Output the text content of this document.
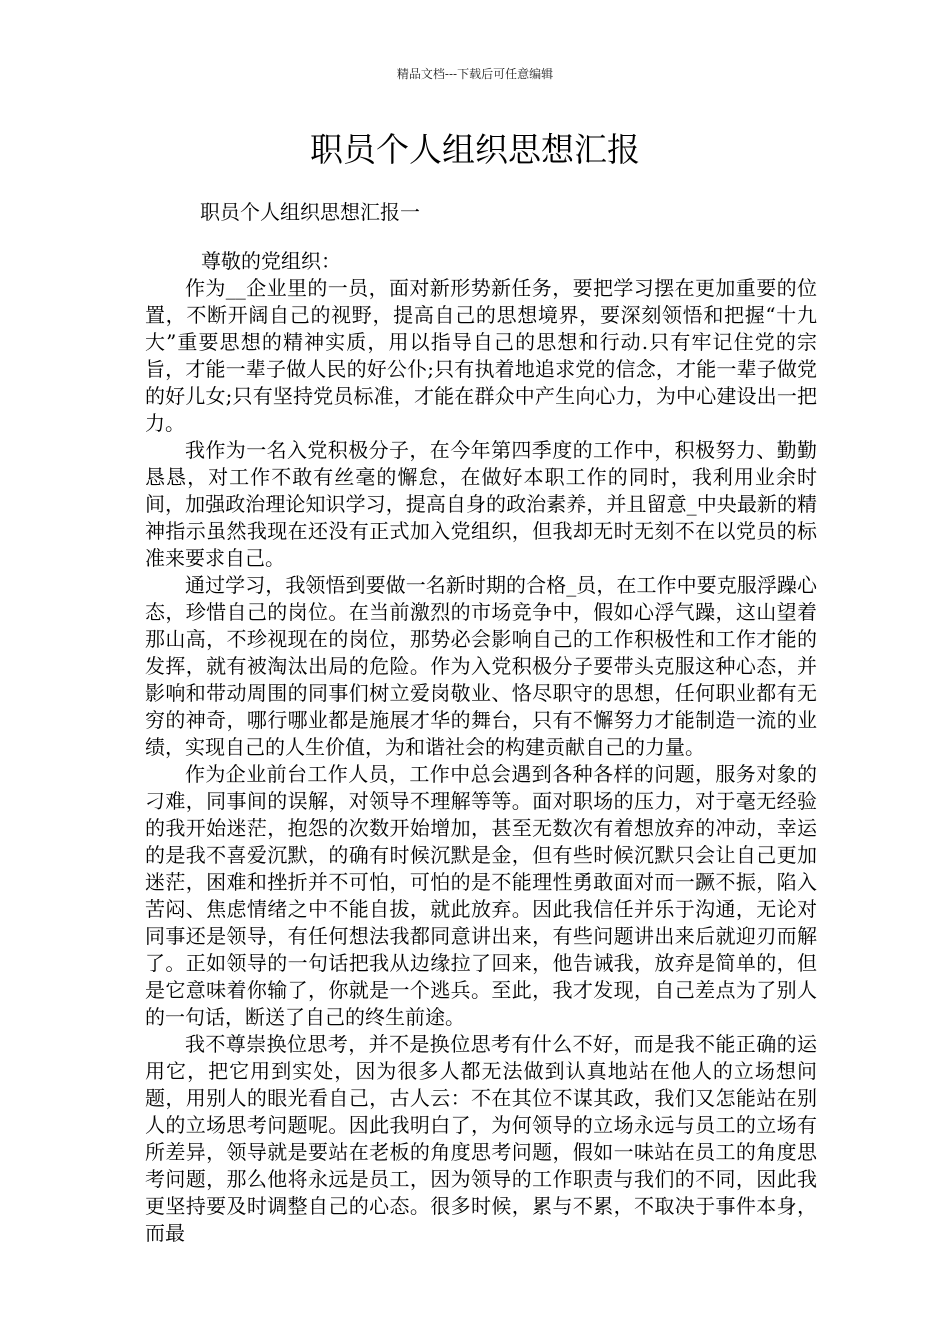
精品文档---下载后可任意编辑
职员个人组织思想汇报

职员个人组织思想汇报一

尊敬的党组织：

作为__企业里的一员，面对新形势新任务，要把学习摆在更加重要的位置，不断开阔自己的视野，提高自己的思想境界，要深刻领悟和把握“十九大”重要思想的精神实质，用以指导自己的思想和行动.只有牢记住党的宗旨，才能一辈子做人民的好公仆;只有执着地追求党的信念，才能一辈子做党的好儿女;只有坚持党员标准，才能在群众中产生向心力，为中心建设出一把力。

我作为一名入党积极分子，在今年第四季度的工作中，积极努力、勤勤恳恳，对工作不敢有丝毫的懈怠，在做好本职工作的同时，我利用业余时间，加强政治理论知识学习，提高自身的政治素养，并且留意_中央最新的精神指示虽然我现在还没有正式加入党组织，但我却无时无刻不在以党员的标准来要求自己。

通过学习，我领悟到要做一名新时期的合格_员，在工作中要克服浮躁心态，珍惜自己的岗位。在当前激烈的市场竞争中，假如心浮气躁，这山望着那山高，不珍视现在的岗位，那势必会影响自己的工作积极性和工作才能的发挥，就有被淘汰出局的危险。作为入党积极分子要带头克服这种心态，并影响和带动周围的同事们树立爱岗敬业、恪尽职守的思想，任何职业都有无穷的神奇，哪行哪业都是施展才华的舞台，只有不懈努力才能制造一流的业绩，实现自己的人生价值，为和谐社会的构建贡献自己的力量。

作为企业前台工作人员，工作中总会遇到各种各样的问题，服务对象的刁难，同事间的误解，对领导不理解等等。面对职场的压力，对于毫无经验的我开始迷茫，抱怨的次数开始增加，甚至无数次有着想放弃的冲动，幸运的是我不喜爱沉默，的确有时候沉默是金，但有些时候沉默只会让自己更加迷茫，困难和挫折并不可怕，可怕的是不能理性勇敢面对而一蹶不振，陷入苦闷、焦虑情绪之中不能自拔，就此放弃。因此我信任并乐于沟通，无论对同事还是领导，有任何想法我都同意讲出来，有些问题讲出来后就迎刃而解了。正如领导的一句话把我从边缘拉了回来，他告诫我，放弃是简单的，但是它意味着你输了，你就是一个逃兵。至此，我才发现，自己差点为了别人的一句话，断送了自己的终生前途。

我不尊崇换位思考，并不是换位思考有什么不好，而是我不能正确的运用它，把它用到实处，因为很多人都无法做到认真地站在他人的立场想问题，用别人的眼光看自己，古人云：不在其位不谋其政，我们又怎能站在别人的立场思考问题呢。因此我明白了，为何领导的立场永远与员工的立场有所差异，领导就是要站在老板的角度思考问题，假如一味站在员工的角度思考问题，那么他将永远是员工，因为领导的工作职责与我们的不同，因此我更坚持要及时调整自己的心态。很多时候，累与不累，不取决于事件本身，而最
